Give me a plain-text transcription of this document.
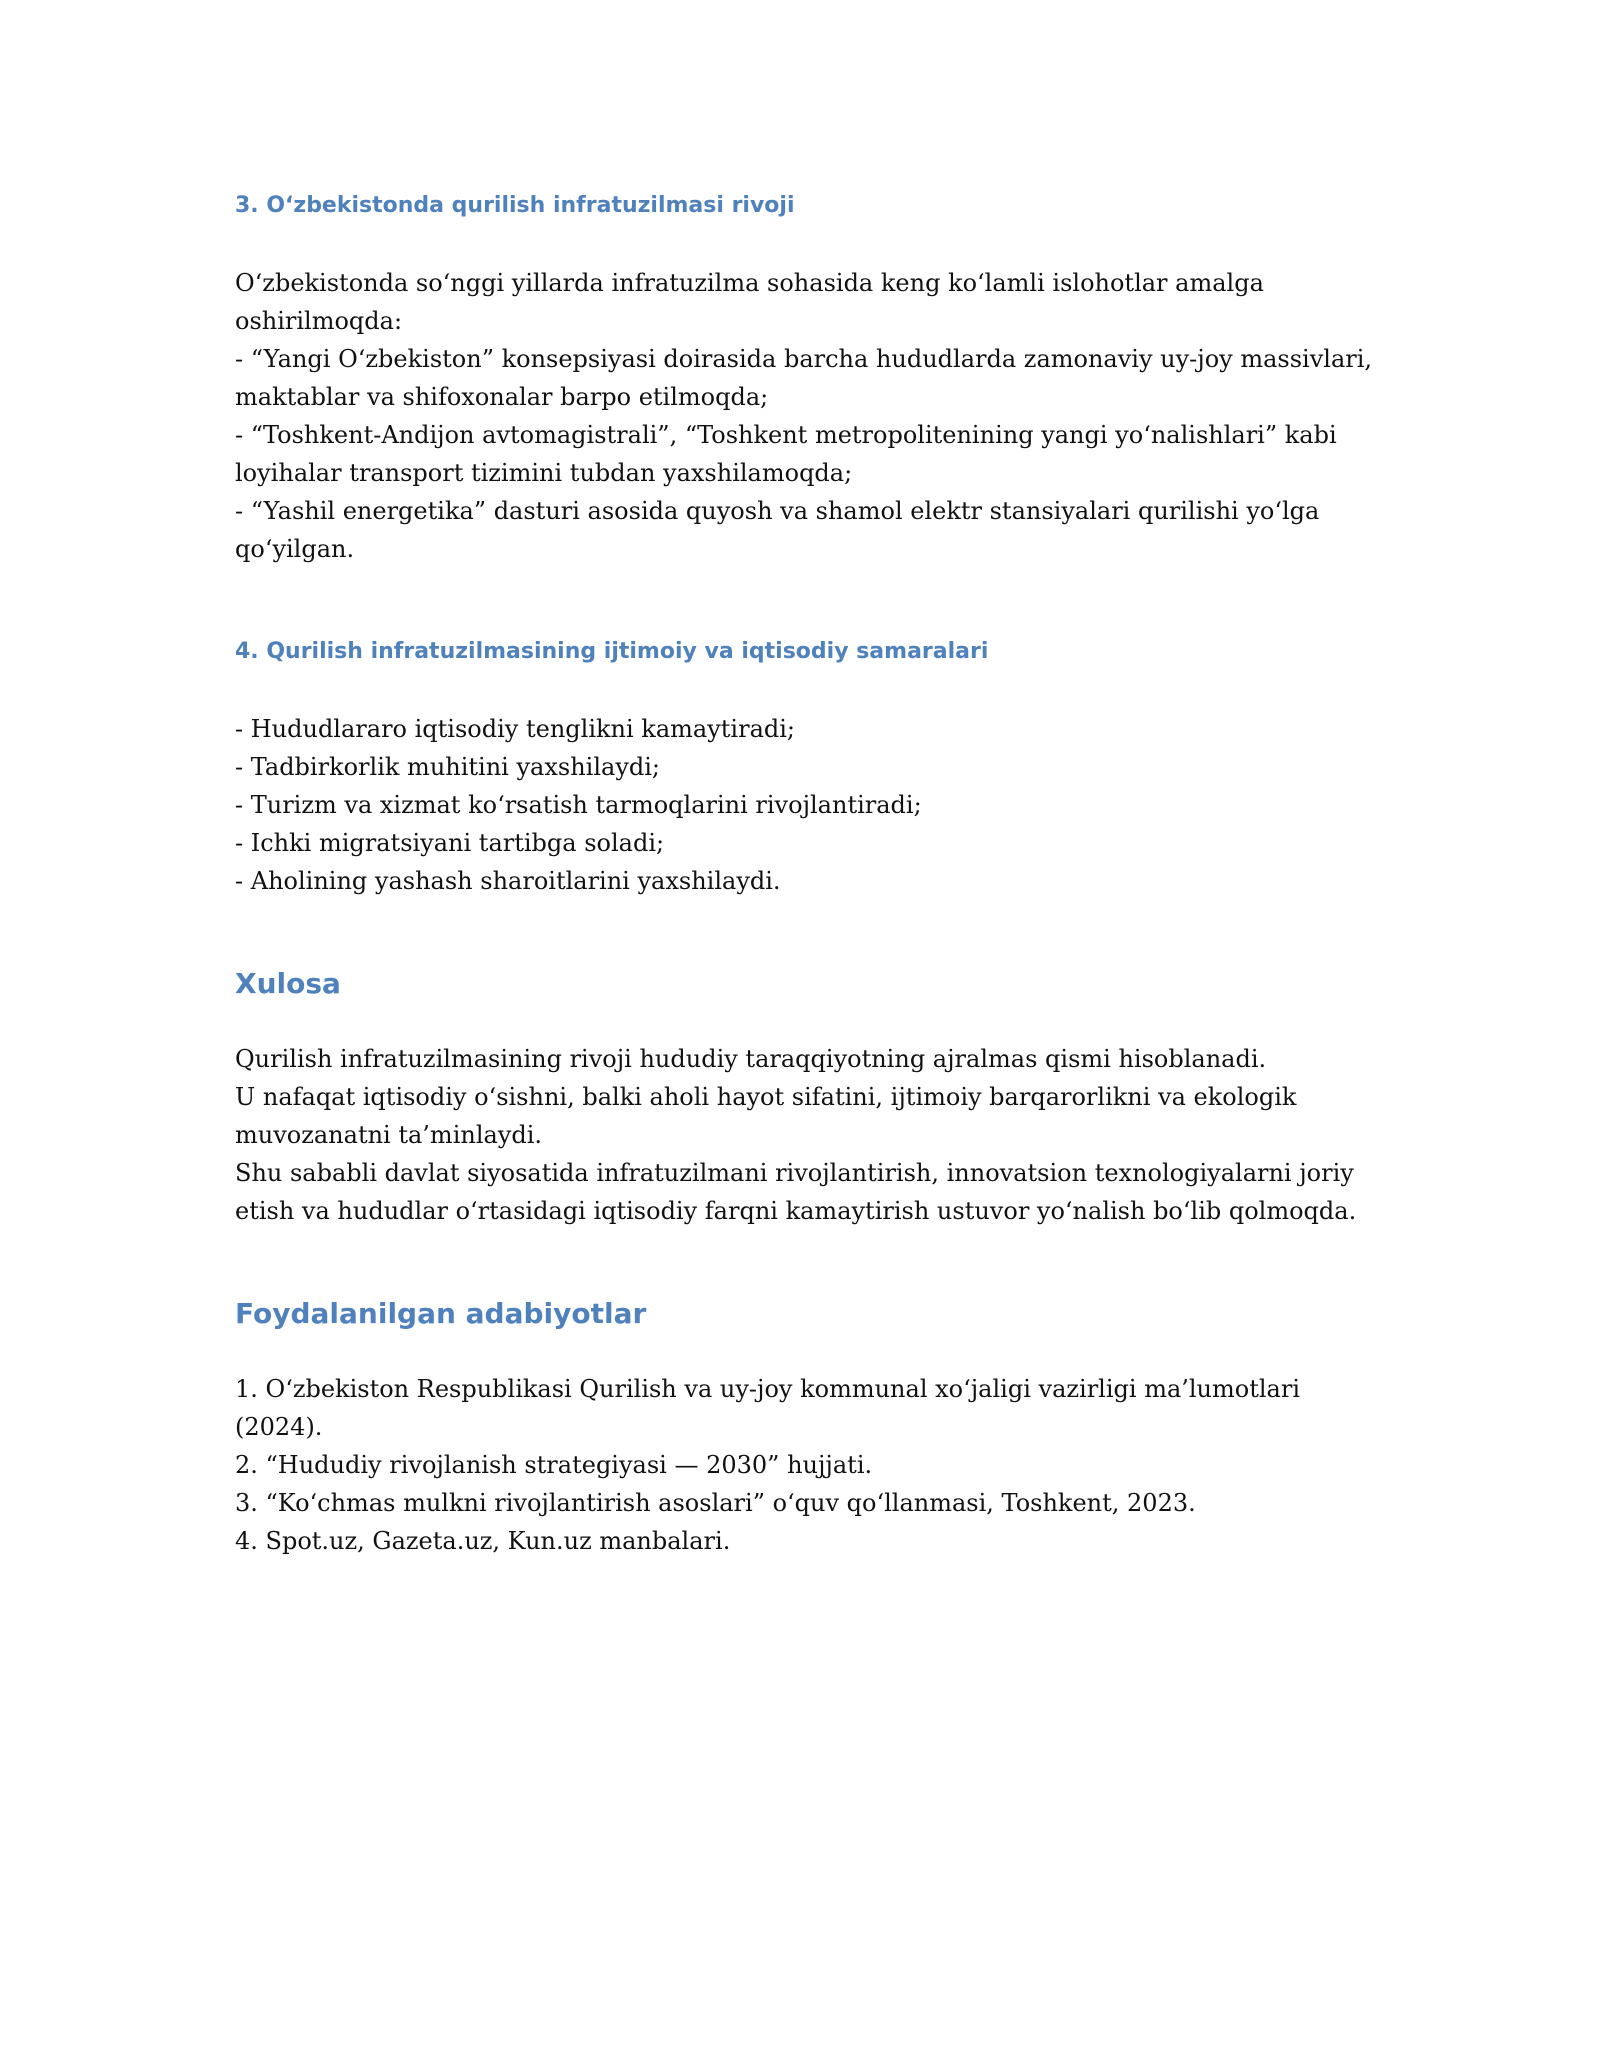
3. O‘zbekistonda qurilish infratuzilmasi rivoji
O‘zbekistonda so‘nggi yillarda infratuzilma sohasida keng ko‘lamli islohotlar amalga oshirilmoqda:
- “Yangi O‘zbekiston” konsepsiyasi doirasida barcha hududlarda zamonaviy uy-joy massivlari, maktablar va shifoxonalar barpo etilmoqda;
- “Toshkent-Andijon avtomagistrali”, “Toshkent metropolitenining yangi yo‘nalishlari” kabi loyihalar transport tizimini tubdan yaxshilamoqda;
- “Yashil energetika” dasturi asosida quyosh va shamol elektr stansiyalari qurilishi yo‘lga qo‘yilgan.
4. Qurilish infratuzilmasining ijtimoiy va iqtisodiy samaralari
- Hududlararo iqtisodiy tenglikni kamaytiradi;
- Tadbirkorlik muhitini yaxshilaydi;
- Turizm va xizmat ko‘rsatish tarmoqlarini rivojlantiradi;
- Ichki migratsiyani tartibga soladi;
- Aholining yashash sharoitlarini yaxshilaydi.
Xulosa
Qurilish infratuzilmasining rivoji hududiy taraqqiyotning ajralmas qismi hisoblanadi.
U nafaqat iqtisodiy o‘sishni, balki aholi hayot sifatini, ijtimoiy barqarorlikni va ekologik muvozanatni ta’minlaydi.
Shu sababli davlat siyosatida infratuzilmani rivojlantirish, innovatsion texnologiyalarni joriy etish va hududlar o‘rtasidagi iqtisodiy farqni kamaytirish ustuvor yo‘nalish bo‘lib qolmoqda.
Foydalanilgan adabiyotlar
1. O‘zbekiston Respublikasi Qurilish va uy-joy kommunal xo‘jaligi vazirligi ma’lumotlari (2024).
2. “Hududiy rivojlanish strategiyasi — 2030” hujjati.
3. “Ko‘chmas mulkni rivojlantirish asoslari” o‘quv qo‘llanmasi, Toshkent, 2023.
4. Spot.uz, Gazeta.uz, Kun.uz manbalari.
